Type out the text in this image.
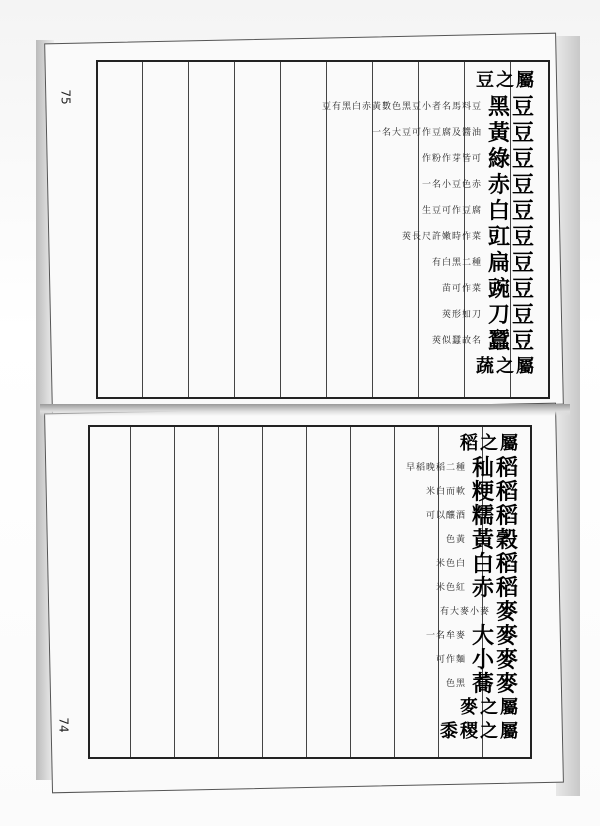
75
74
豆之屬
黑豆
豆有黑白赤黃數色黑豆小者名馬料豆
黃豆
一名大豆可作豆腐及醬油
綠豆
作粉作芽皆可
赤豆
一名小豆色赤
白豆
生豆可作豆腐
豇豆
莢長尺許嫩時作菜
扁豆
有白黑二種
豌豆
苗可作菜
刀豆
莢形如刀
蠶豆
莢似蠶故名
蔬之屬
稻之屬
秈稻
早稻晚稻二種
粳稻
米白而軟
糯稻
可以釀酒
黃穀
色黃
白稻
米色白
赤稻
米色紅
麥
有大麥小麥
大麥
一名牟麥
小麥
可作麵
蕎麥
色黑
麥之屬
黍稷之屬
